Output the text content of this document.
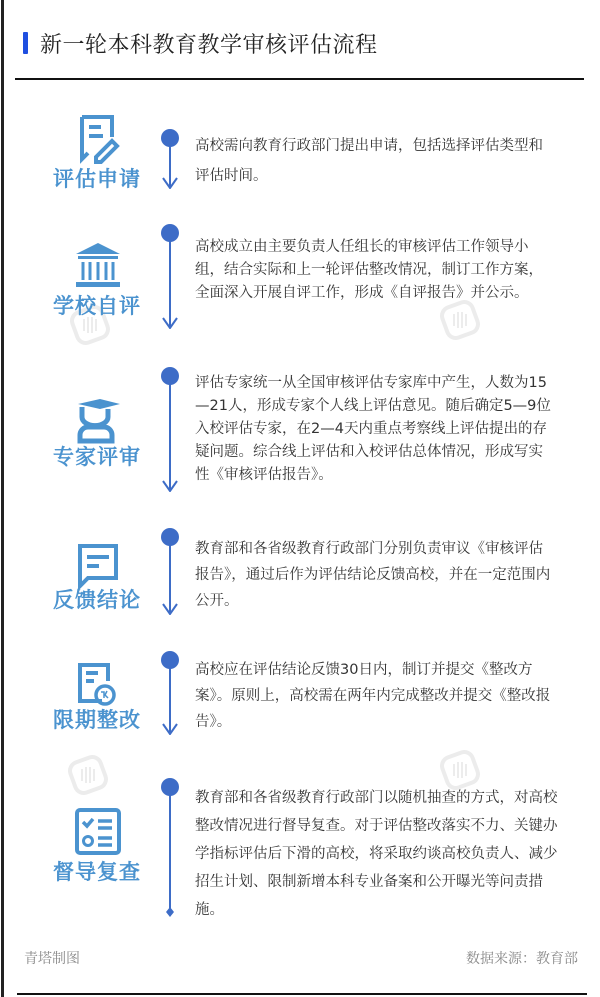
新一轮本科教育教学审核评估流程
评估申请
高校需向教育行政部门提出申请，包括选择评估类型和评估时间。
学校自评
高校成立由主要负责人任组长的审核评估工作领导小组，结合实际和上一轮评估整改情况，制订工作方案，全面深入开展自评工作，形成《自评报告》并公示。
专家评审
评估专家统一从全国审核评估专家库中产生，人数为15—21人，形成专家个人线上评估意见。随后确定5—9位入校评估专家，在2—4天内重点考察线上评估提出的存疑问题。综合线上评估和入校评估总体情况，形成写实性《审核评估报告》。
反馈结论
教育部和各省级教育行政部门分别负责审议《审核评估报告》，通过后作为评估结论反馈高校，并在一定范围内公开。
限期整改
高校应在评估结论反馈30日内，制订并提交《整改方案》。原则上，高校需在两年内完成整改并提交《整改报告》。
督导复查
教育部和各省级教育行政部门以随机抽查的方式，对高校整改情况进行督导复查。对于评估整改落实不力、关键办学指标评估后下滑的高校，将采取约谈高校负责人、减少招生计划、限制新增本科专业备案和公开曝光等问责措施。
青塔制图	数据来源：教育部
